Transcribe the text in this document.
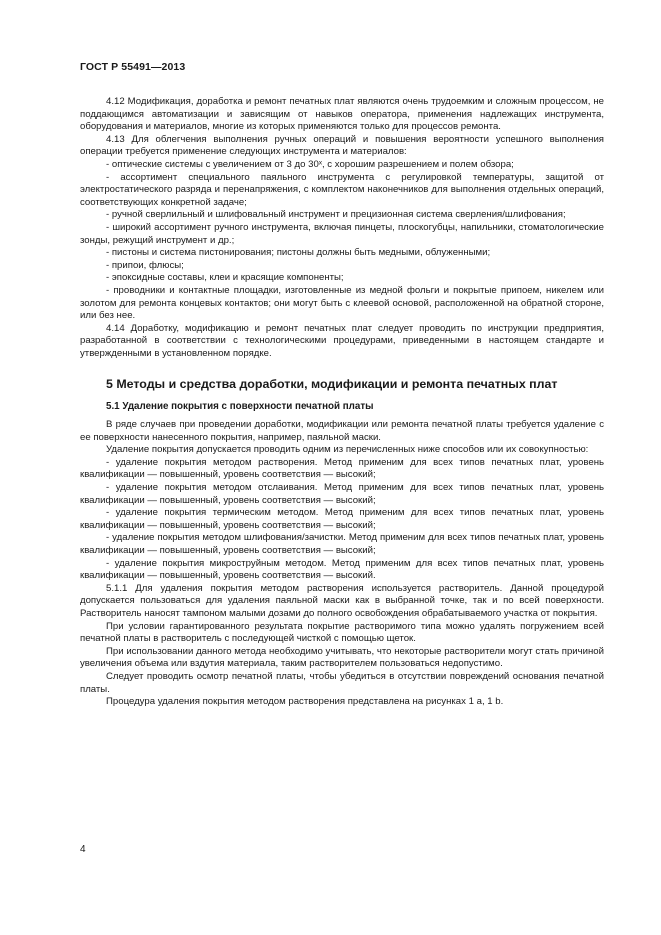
ГОСТ Р 55491—2013

4.12 Модификация, доработка и ремонт печатных плат являются очень трудоемким и сложным процессом, не поддающимся автоматизации и зависящим от навыков оператора, применения надлежащих инструмента, оборудования и материалов, многие из которых применяются только для процессов ремонта.

4.13 Для облегчения выполнения ручных операций и повышения вероятности успешного выполнения операции требуется применение следующих инструмента и материалов:

- оптические системы с увеличением от 3 до 30ˣ, с хорошим разрешением и полем обзора;

- ассортимент специального паяльного инструмента с регулировкой температуры, защитой от электростатического разряда и перенапряжения, с комплектом наконечников для выполнения отдельных операций, соответствующих конкретной задаче;

- ручной сверлильный и шлифовальный инструмент и прецизионная система сверления/шлифования;

- широкий ассортимент ручного инструмента, включая пинцеты, плоскогубцы, напильники, стоматологические зонды, режущий инструмент и др.;

- пистоны и система пистонирования; пистоны должны быть медными, облуженными;

- припои, флюсы;

- эпоксидные составы, клеи и красящие компоненты;

- проводники и контактные площадки, изготовленные из медной фольги и покрытые припоем, никелем или золотом для ремонта концевых контактов; они могут быть с клеевой основой, расположенной на обратной стороне, или без нее.

4.14 Доработку, модификацию и ремонт печатных плат следует проводить по инструкции предприятия, разработанной в соответствии с технологическими процедурами, приведенными в настоящем стандарте и утвержденными в установленном порядке.

5 Методы и средства доработки, модификации и ремонта печатных плат
5.1 Удаление покрытия с поверхности печатной платы

В ряде случаев при проведении доработки, модификации или ремонта печатной платы требуется удаление с ее поверхности нанесенного покрытия, например, паяльной маски.

Удаление покрытия допускается проводить одним из перечисленных ниже способов или их совокупностью:

- удаление покрытия методом растворения. Метод применим для всех типов печатных плат, уровень квалификации — повышенный, уровень соответствия — высокий;

- удаление покрытия методом отслаивания. Метод применим для всех типов печатных плат, уровень квалификации — повышенный, уровень соответствия — высокий;

- удаление покрытия термическим методом. Метод применим для всех типов печатных плат, уровень квалификации — повышенный, уровень соответствия — высокий;

- удаление покрытия методом шлифования/зачистки. Метод применим для всех типов печатных плат, уровень квалификации — повышенный, уровень соответствия — высокий;

- удаление покрытия микроструйным методом. Метод применим для всех типов печатных плат, уровень квалификации — повышенный, уровень соответствия — высокий.

5.1.1 Для удаления покрытия методом растворения используется растворитель. Данной процедурой допускается пользоваться для удаления паяльной маски как в выбранной точке, так и по всей поверхности. Растворитель наносят тампоном малыми дозами до полного освобождения обрабатываемого участка от покрытия.

При условии гарантированного результата покрытие растворимого типа можно удалять погружением всей печатной платы в растворитель с последующей чисткой с помощью щеток.

При использовании данного метода необходимо учитывать, что некоторые растворители могут стать причиной увеличения объема или вздутия материала, таким растворителем пользоваться недопустимо.

Следует проводить осмотр печатной платы, чтобы убедиться в отсутствии повреждений основания печатной платы.

Процедура удаления покрытия методом растворения представлена на рисунках 1 а, 1 b.

4
